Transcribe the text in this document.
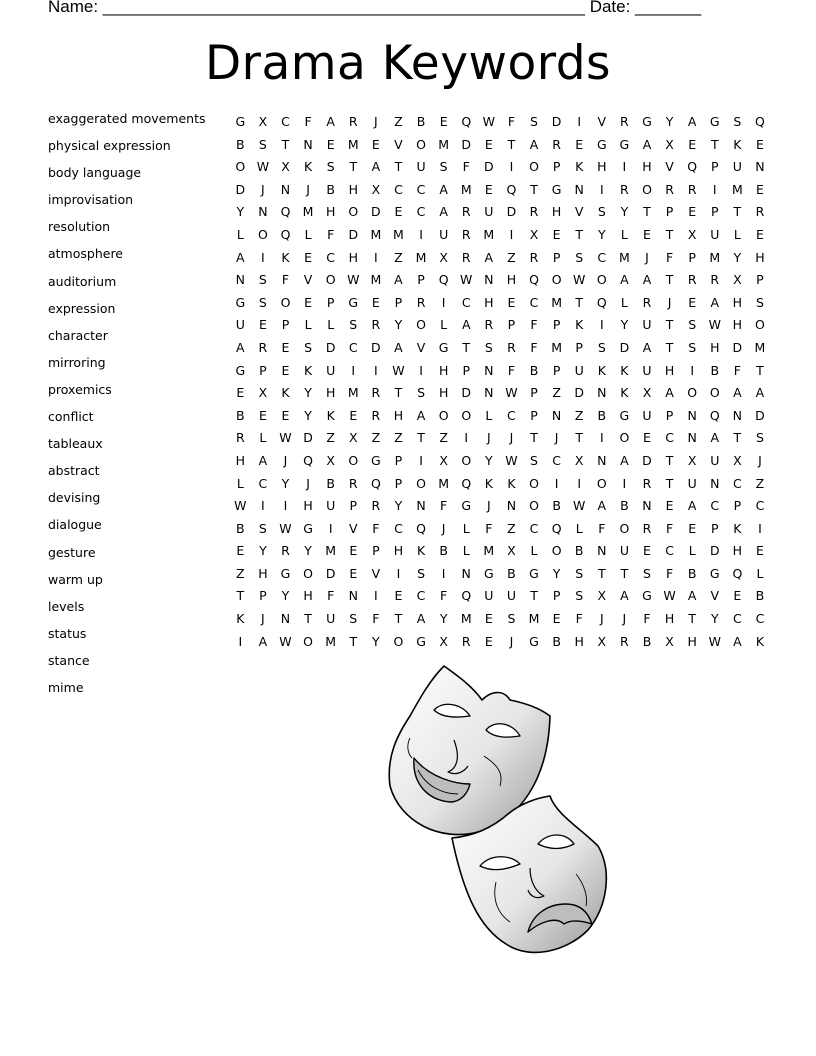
Name: ___________________________________________________ Date: _______
Drama Keywords
exaggerated movements
physical expression
body language
improvisation
resolution
atmosphere
auditorium
expression
character
mirroring
proxemics
conflict
tableaux
abstract
devising
dialogue
gesture
warm up
levels
status
stance
mime
G	X	C	F	A	R	J	Z	B	E	Q W	F	S	D	I	V	R	G	Y	A	G	S	Q
B	S	T	N	E	M	E	V	O M D	E	T	A	R	E	G	G	A	X	E	T	K	E
O W X	K	S	T	A	T	U	S	F	D	I	O	P	K	H	I	H	V	Q	P	U	N
D	J	N	J	B	H	X	C	C	A	M	E	Q	T	G	N	I	R	O	R	R	I	M	E
Y	N	Q M	H	O	D	E	C	A	R	U	D	R	H	V	S	Y	T	P	E	P	T	R
L	O	Q	L	F	D M M	I	U	R	M	I	X	E	T	Y	L	E	T	X	U	L	E
A	I	K	E	C	H	I	Z	M	X	R	A	Z	R	P	S	C	M	J	F	P	M	Y	H
N	S	F	V	O W M	A	P	Q W N	H	Q	O W O	A	A	T	R	R	X	P
G	S	O	E	P	G	E	P	R	I	C	H	E	C	M	T	Q	L	R	J	E	A	H	S
U	E	P	L	L	S	R	Y	O	L	A	R	P	F	P	K	I	Y	U	T	S W H	O
A	R	E	S	D	C	D	A	V	G	T	S	R	F	M	P	S	D	A	T	S	H	D M
G	P	E	K	U	I	I	W	I	H	P	N	F	B	P	U	K	K	U	H	I	B	F	T
E	X	K	Y	H M	R	T	S	H	D	N W	P	Z	D	N	K	X	A	O	O	A	A
B	E	E	Y	K	E	R	H	A	O	O	L	C	P	N	Z	B	G	U	P	N	Q	N	D
R	L	W D	Z	X	Z	Z	T	Z	I	J	J	T	J	T	I	O	E	C	N	A	T	S
H	A	J	Q	X	O	G	P	I	X	O	Y	W S	C	X	N	A	D	T	X	U	X	J
L	C	Y	J	B	R	Q	P	O M Q	K	K	O	I	I	O	I	R	T	U	N	C	Z
W	I	I	H	U	P	R	Y	N	F	G	J	N	O	B W A	B	N	E	A	C	P	C
B	S W G	I	V	F	C	Q	J	L	F	Z	C	Q	L	F	O	R	F	E	P	K	I
E	Y	R	Y	M	E	P	H	K	B	L	M	X	L	O	B	N	U	E	C	L	D	H	E
Z	H	G	O	D	E	V	I	S	I	N	G	B	G	Y	S	T	T	S	F	B	G	Q	L
T	P	Y	H	F	N	I	E	C	F	Q	U	U	T	P	S	X	A	G W A	V	E	B
K	J	N	T	U	S	F	T	A	Y	M	E	S	M	E	F	J	J	F	H	T	Y	C	C
I	A W O M	T	Y	O	G	X	R	E	J	G	B	H	X	R	B	X	H W A	K
